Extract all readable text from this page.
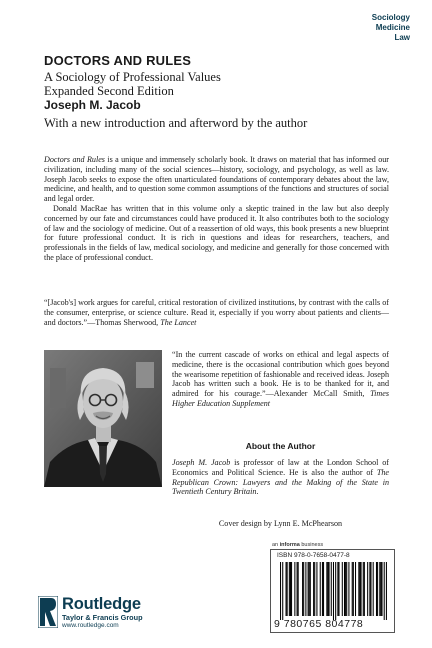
Sociology
Medicine
Law
DOCTORS AND RULES
A Sociology of Professional Values
Expanded Second Edition
Joseph M. Jacob
With a new introduction and afterword by the author

Doctors and Rules is a unique and immensely scholarly book. It draws on material that has informed our civilization, including many of the social sciences—history, sociology, and psychology, as well as law. Joseph Jacob seeks to expose the often unarticulated foundations of contemporary debates about the law, medicine, and health, and to question some common assumptions of the functions and structures of social and legal order.

Donald MacRae has written that in this volume only a skeptic trained in the law but also deeply concerned by our fate and circumstances could have produced it. It also contributes both to the sociology of law and the sociology of medicine. Out of a reassertion of old ways, this book presents a new blueprint for future professional conduct. It is rich in questions and ideas for researchers, teachers, and professionals in the fields of law, medical sociology, and medicine and generally for those concerned with the place of professional conduct.

“[Jacob's] work argues for careful, critical restoration of civilized institutions, by contrast with the calls of the consumer, enterprise, or science culture. Read it, especially if you worry about patients and clients—and doctors.”—Thomas Sherwood, The Lancet
“In the current cascade of works on ethical and legal aspects of medicine, there is the occasional contribution which goes beyond the wearisome repetition of fashionable and received ideas. Joseph Jacob has written such a book. He is to be thanked for it, and admired for his courage.”—Alexander McCall Smith, Times Higher Education Supplement
About the Author
Joseph M. Jacob is professor of law at the London School of Economics and Political Science. He is also the author of The Republican Crown: Lawyers and the Making of the State in Twentieth Century Britain.
Cover design by Lynn E. McPhearson
Routledge
Taylor & Francis Group
www.routledge.com
an informa business
ISBN 978-0-7658-0477-8
9 780765 804778
